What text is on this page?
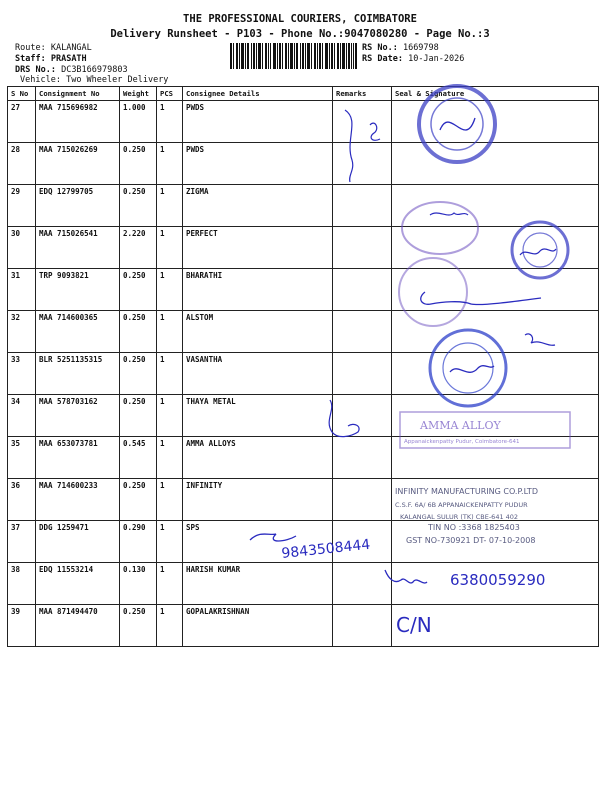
THE PROFESSIONAL COURIERS, COIMBATORE
Delivery Runsheet - P103 - Phone No.:9047080280 - Page No.:3
Route: KALANGAL
Staff: PRASATH
DRS No.: DC3B166979803
Vehicle: Two Wheeler Delivery
RS No.: 1669798
RS Date: 10-Jan-2026
S No	Consignment No	Weight	PCS	Consignee Details	Remarks	Seal & Signature
27	MAA 715696982	1.000	1	PWDS		
28	MAA 715026269	0.250	1	PWDS		
29	EDQ 12799705	0.250	1	ZIGMA		
30	MAA 715026541	2.220	1	PERFECT		
31	TRP 9093821	0.250	1	BHARATHI		
32	MAA 714600365	0.250	1	ALSTOM		
33	BLR 5251135315	0.250	1	VASANTHA		
34	MAA 578703162	0.250	1	THAYA METAL		
35	MAA 653073781	0.545	1	AMMA ALLOYS		
36	MAA 714600233	0.250	1	INFINITY		
37	DDG 1259471	0.290	1	SPS		
38	EDQ 11553214	0.130	1	HARISH KUMAR		
39	MAA 871494470	0.250	1	GOPALAKRISHNAN		
AMMA ALLOY
Appanaickenpatty Pudur, Coimbatore-641
INFINITY MANUFACTURING CO.P.LTD
C.S.F. 6A/ 6B APPANAICKENPATTY PUDUR
KALANGAL SULUR (TK) CBE-641 402
TIN NO :3368 1825403
GST NO-730921 DT- 07-10-2008
9843508444
6380059290
C/N
